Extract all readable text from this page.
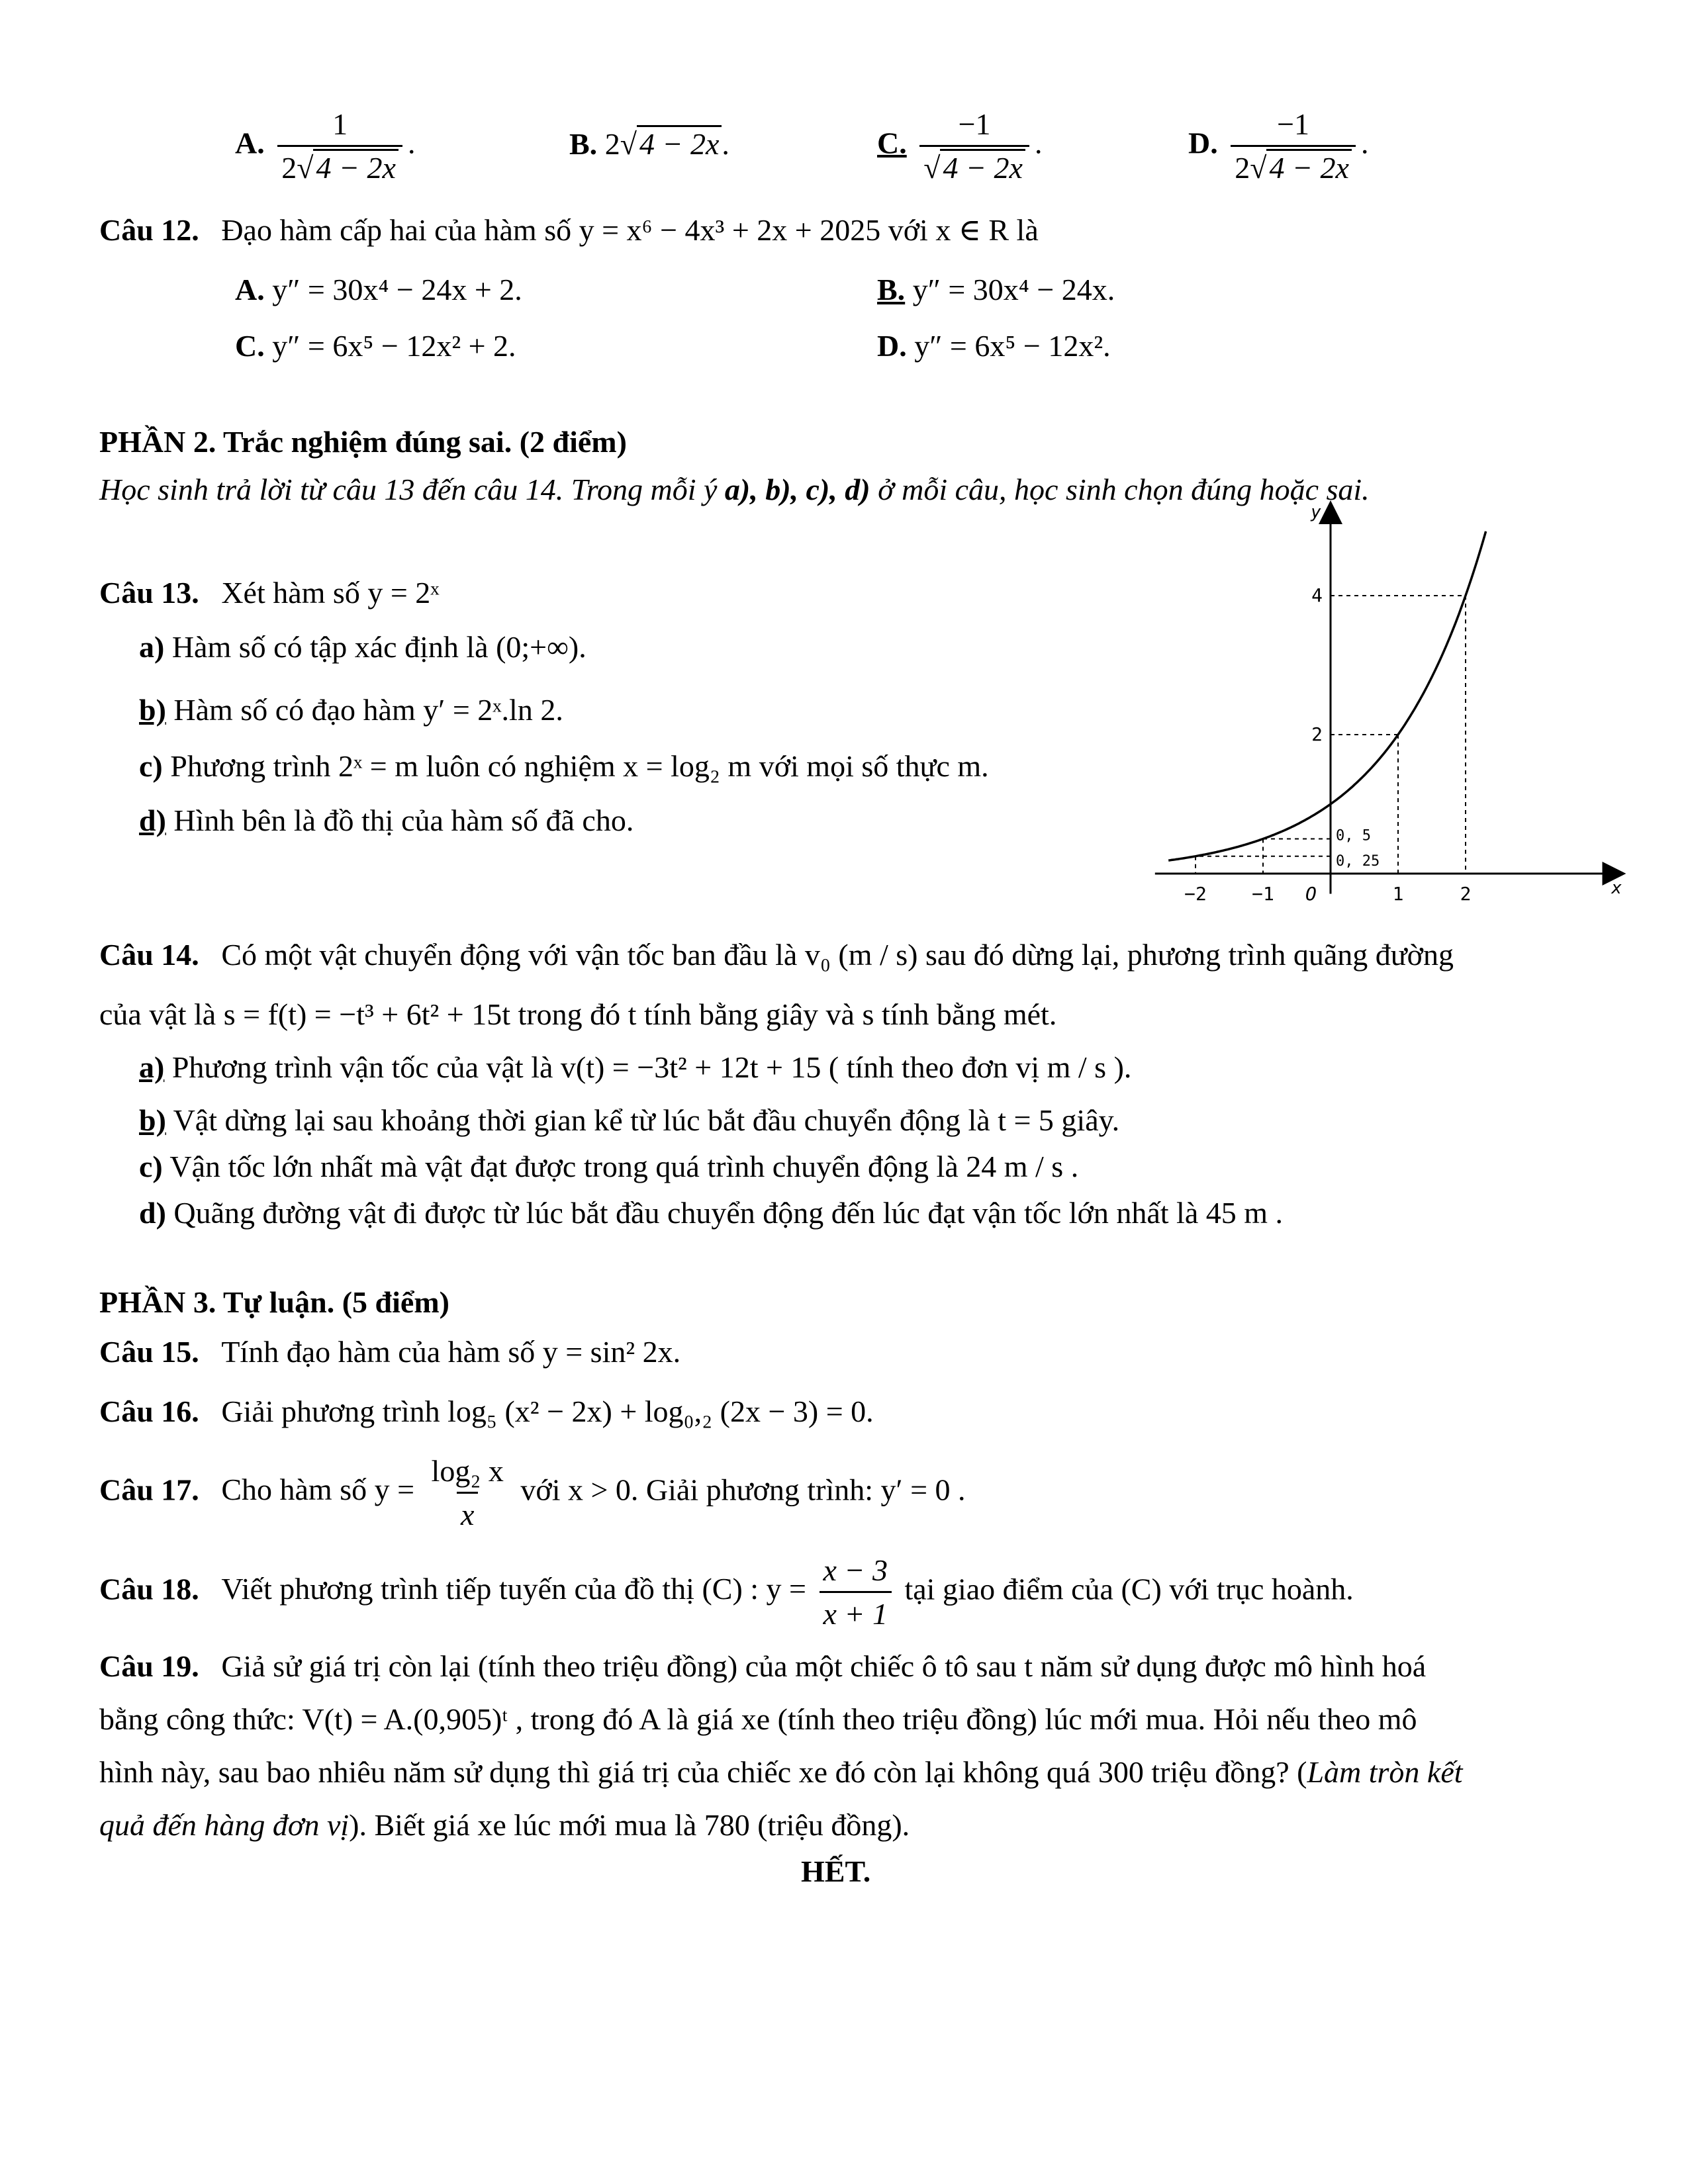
A. $\frac{1}{2√4 - 2x}$ .	B. 2√4 − 2x.	C. $\frac{-1}{√4 - 2x}$ .	D. $\frac{-1}{2√4 - 2x}$ .
Câu 12. Đạo hàm cấp hai của hàm số y = x⁶ − 4x³ + 2x + 2025 với x ∈ R là
A. y″ = 30x⁴ − 24x + 2.	B. y″ = 30x⁴ − 24x.
C. y″ = 6x⁵ − 12x² + 2.	D. y″ = 6x⁵ − 12x².
PHẦN 2. Trắc nghiệm đúng sai. (2 điểm)
Học sinh trả lời từ câu 13 đến câu 14. Trong mỗi ý a), b), c), d) ở mỗi câu, học sinh chọn đúng hoặc sai.
Câu 13. Xét hàm số y = 2ˣ
a) Hàm số có tập xác định là (0;+∞).
b) Hàm số có đạo hàm y′ = 2ˣ.ln 2.
c) Phương trình 2ˣ = m luôn có nghiệm x = log₂ m với mọi số thực m.
d) Hình bên là đồ thị của hàm số đã cho.
x
y
−2 −1 O	1	2
4
2
0, 5
0, 25
Câu 14. Có một vật chuyển động với vận tốc ban đầu là v₀ (m / s) sau đó dừng lại, phương trình quãng đường
của vật là s = f(t) = −t³ + 6t² + 15t trong đó t tính bằng giây và s tính bằng mét.
a) Phương trình vận tốc của vật là v(t) = −3t² + 12t + 15 ( tính theo đơn vị m / s ).
b) Vật dừng lại sau khoảng thời gian kể từ lúc bắt đầu chuyển động là t = 5 giây.
c) Vận tốc lớn nhất mà vật đạt được trong quá trình chuyển động là 24 m / s .
d) Quãng đường vật đi được từ lúc bắt đầu chuyển động đến lúc đạt vận tốc lớn nhất là 45 m .
PHẦN 3. Tự luận. (5 điểm)
Câu 15. Tính đạo hàm của hàm số y = sin² 2x.
Câu 16. Giải phương trình log₅ (x² − 2x) + log₀,₂ (2x − 3) = 0.
Câu 17. Cho hàm số $y = \frac{\text{log₂ x}}{x}$ với x > 0. Giải phương trình: y′ = 0 .
Câu 18. Viết phương trình tiếp tuyến của đồ thị (C) : $y = \frac{x - 3}{x + 1}$ tại giao điểm của (C) với trục hoành.
Câu 19. Giả sử giá trị còn lại (tính theo triệu đồng) của một chiếc ô tô sau t năm sử dụng được mô hình hoá
bằng công thức: V(t) = A.(0,905)ᵗ , trong đó A là giá xe (tính theo triệu đồng) lúc mới mua. Hỏi nếu theo mô
hình này, sau bao nhiêu năm sử dụng thì giá trị của chiếc xe đó còn lại không quá 300 triệu đồng? (Làm tròn kết
quả đến hàng đơn vị). Biết giá xe lúc mới mua là 780 (triệu đồng).
HẾT.
